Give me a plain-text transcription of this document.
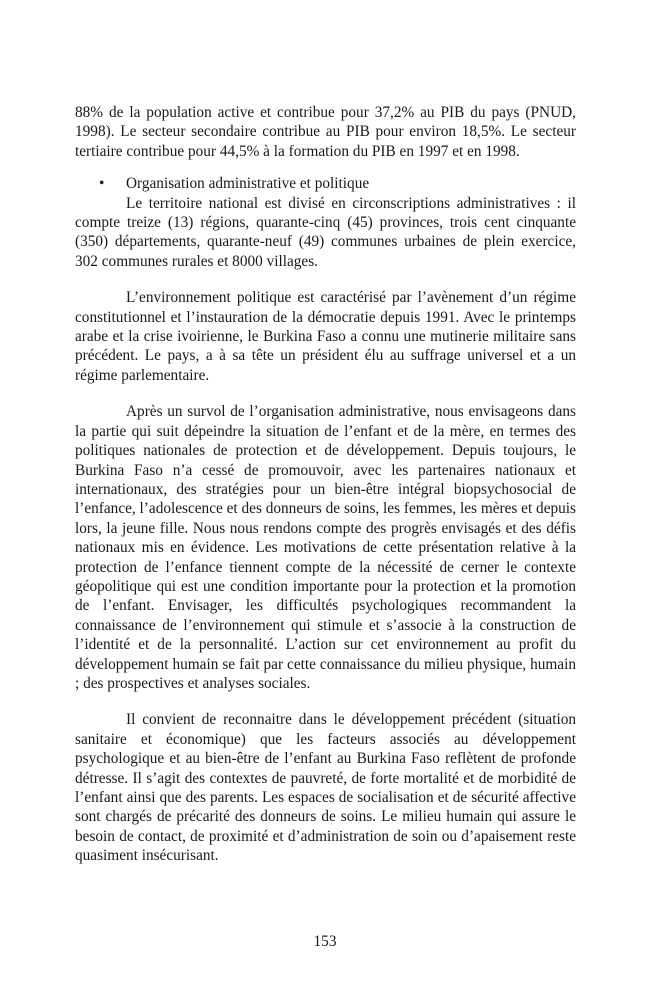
88% de la population active et contribue pour 37,2% au PIB du pays (PNUD, 1998). Le secteur secondaire contribue au PIB pour environ 18,5%. Le secteur tertiaire contribue pour 44,5% à la formation du PIB en 1997 et en 1998.

• Organisation administrative et politique

Le territoire national est divisé en circonscriptions administratives : il compte treize (13) régions, quarante-cinq (45) provinces, trois cent cinquante (350) départements, quarante-neuf (49) communes urbaines de plein exercice, 302 communes rurales et 8000 villages.

L’environnement politique est caractérisé par l’avènement d’un régime constitutionnel et l’instauration de la démocratie depuis 1991. Avec le printemps arabe et la crise ivoirienne, le Burkina Faso a connu une mutinerie militaire sans précédent. Le pays, a à sa tête un président élu au suffrage universel et a un régime parlementaire.

Après un survol de l’organisation administrative, nous envisageons dans la partie qui suit dépeindre la situation de l’enfant et de la mère, en termes des politiques nationales de protection et de développement. Depuis toujours, le Burkina Faso n’a cessé de promouvoir, avec les partenaires nationaux et internationaux, des stratégies pour un bien-être intégral biopsychosocial de l’enfance, l’adolescence et des donneurs de soins, les femmes, les mères et depuis lors, la jeune fille. Nous nous rendons compte des progrès envisagés et des défis nationaux mis en évidence. Les motivations de cette présentation relative à la protection de l’enfance tiennent compte de la nécessité de cerner le contexte géopolitique qui est une condition importante pour la protection et la promotion de l’enfant. Envisager, les difficultés psychologiques recommandent la connaissance de l’environnement qui stimule et s’associe à la construction de l’identité et de la personnalité. L’action sur cet environnement au profit du développement humain se fait par cette connaissance du milieu physique, humain ; des prospectives et analyses sociales.

Il convient de reconnaitre dans le développement précédent (situation sanitaire et économique) que les facteurs associés au développement psychologique et au bien-être de l’enfant au Burkina Faso reflètent de profonde détresse. Il s’agit des contextes de pauvreté, de forte mortalité et de morbidité de l’enfant ainsi que des parents. Les espaces de socialisation et de sécurité affective sont chargés de précarité des donneurs de soins. Le milieu humain qui assure le besoin de contact, de proximité et d’administration de soin ou d’apaisement reste quasiment insécurisant.

153
